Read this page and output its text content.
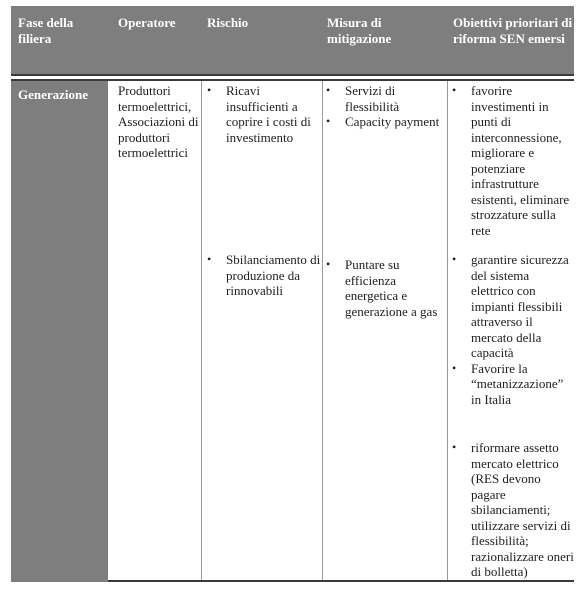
Fase della filiera
Operatore	Rischio	Misura di mitigazione
Obiettivi prioritari di riforma SEN emersi
Generazione Produttori termoelettrici, Associazioni di produttori termoelettrici
• Ricavi insufficienti a coprire i costi di investimento
• Sbilanciamento di produzione da rinnovabili
• Servizi di flessibilità
• Capacity payment
• Puntare su efficienza energetica e generazione a gas
• favorire investimenti in punti di interconnessione, migliorare e potenziare infrastrutture esistenti, eliminare strozzature sulla rete
• garantire sicurezza del sistema elettrico con impianti flessibili attraverso il mercato della capacità
• Favorire la “metanizzazione” in Italia
• riformare assetto mercato elettrico (RES devono pagare sbilanciamenti; utilizzare servizi di flessibilità; razionalizzare oneri di bolletta)
